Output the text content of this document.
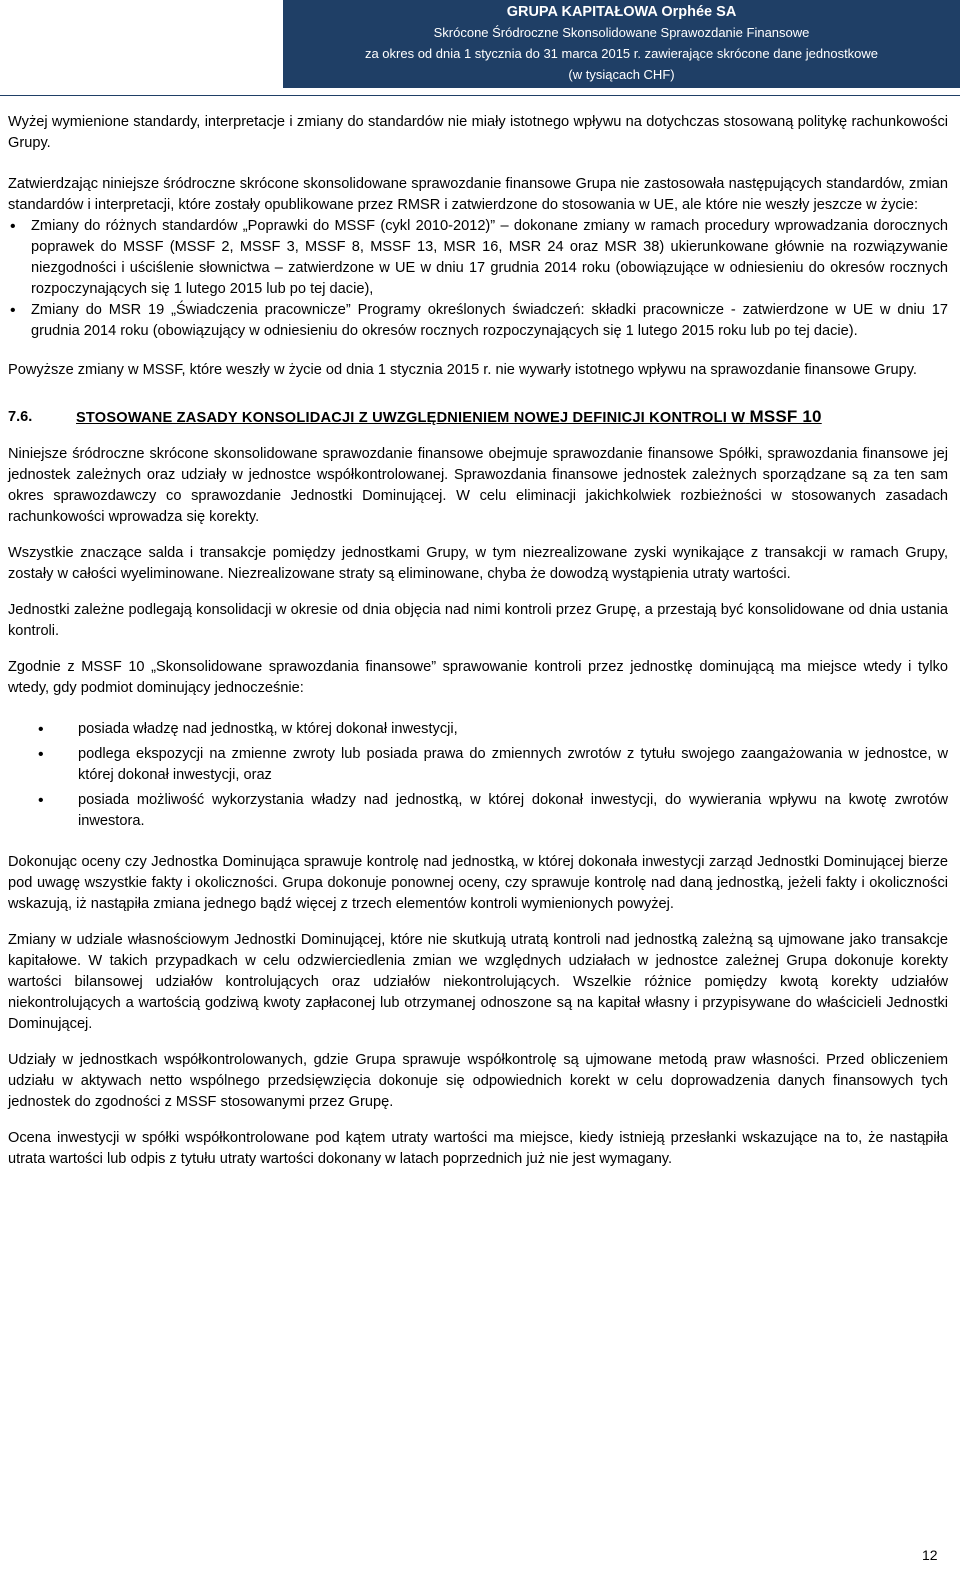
GRUPA KAPITAŁOWA Orphée SA
Skrócone Śródroczne Skonsolidowane Sprawozdanie Finansowe
za okres od dnia 1 stycznia do 31 marca 2015 r. zawierające skrócone dane jednostkowe
(w tysiącach CHF)

Wyżej wymienione standardy, interpretacje i zmiany do standardów nie miały istotnego wpływu na dotychczas stosowaną politykę rachunkowości Grupy.

Zatwierdzając niniejsze śródroczne skrócone skonsolidowane sprawozdanie finansowe Grupa nie zastosowała następujących standardów, zmian standardów i interpretacji, które zostały opublikowane przez RMSR i zatwierdzone do stosowania w UE, ale które nie weszły jeszcze w życie:

• Zmiany do różnych standardów „Poprawki do MSSF (cykl 2010-2012)” – dokonane zmiany w ramach procedury wprowadzania dorocznych poprawek do MSSF (MSSF 2, MSSF 3, MSSF 8, MSSF 13, MSR 16, MSR 24 oraz MSR 38) ukierunkowane głównie na rozwiązywanie niezgodności i uściślenie słownictwa – zatwierdzone w UE w dniu 17 grudnia 2014 roku (obowiązujące w odniesieniu do okresów rocznych rozpoczynających się 1 lutego 2015 lub po tej dacie),
• Zmiany do MSR 19 „Świadczenia pracownicze” Programy określonych świadczeń: składki pracownicze - zatwierdzone w UE w dniu 17 grudnia 2014 roku (obowiązujący w odniesieniu do okresów rocznych rozpoczynających się 1 lutego 2015 roku lub po tej dacie).

Powyższe zmiany w MSSF, które weszły w życie od dnia 1 stycznia 2015 r. nie wywarły istotnego wpływu na sprawozdanie finansowe Grupy.

7.6.	STOSOWANE ZASADY KONSOLIDACJI Z UWZGLĘDNIENIEM NOWEJ DEFINICJI KONTROLI W MSSF 10

Niniejsze śródroczne skrócone skonsolidowane sprawozdanie finansowe obejmuje sprawozdanie finansowe Spółki, sprawozdania finansowe jej jednostek zależnych oraz udziały w jednostce współkontrolowanej. Sprawozdania finansowe jednostek zależnych sporządzane są za ten sam okres sprawozdawczy co sprawozdanie Jednostki Dominującej. W celu eliminacji jakichkolwiek rozbieżności w stosowanych zasadach rachunkowości wprowadza się korekty.

Wszystkie znaczące salda i transakcje pomiędzy jednostkami Grupy, w tym niezrealizowane zyski wynikające z transakcji w ramach Grupy, zostały w całości wyeliminowane. Niezrealizowane straty są eliminowane, chyba że dowodzą wystąpienia utraty wartości.

Jednostki zależne podlegają konsolidacji w okresie od dnia objęcia nad nimi kontroli przez Grupę, a przestają być konsolidowane od dnia ustania kontroli.

Zgodnie z MSSF 10 „Skonsolidowane sprawozdania finansowe” sprawowanie kontroli przez jednostkę dominującą ma miejsce wtedy i tylko wtedy, gdy podmiot dominujący jednocześnie:

• posiada władzę nad jednostką, w której dokonał inwestycji,
• podlega ekspozycji na zmienne zwroty lub posiada prawa do zmiennych zwrotów z tytułu swojego zaangażowania w jednostce, w której dokonał inwestycji, oraz
• posiada możliwość wykorzystania władzy nad jednostką, w której dokonał inwestycji, do wywierania wpływu na kwotę zwrotów inwestora.

Dokonując oceny czy Jednostka Dominująca sprawuje kontrolę nad jednostką, w której dokonała inwestycji zarząd Jednostki Dominującej bierze pod uwagę wszystkie fakty i okoliczności. Grupa dokonuje ponownej oceny, czy sprawuje kontrolę nad daną jednostką, jeżeli fakty i okoliczności wskazują, iż nastąpiła zmiana jednego bądź więcej z trzech elementów kontroli wymienionych powyżej.

Zmiany w udziale własnościowym Jednostki Dominującej, które nie skutkują utratą kontroli nad jednostką zależną są ujmowane jako transakcje kapitałowe. W takich przypadkach w celu odzwierciedlenia zmian we względnych udziałach w jednostce zależnej Grupa dokonuje korekty wartości bilansowej udziałów kontrolujących oraz udziałów niekontrolujących. Wszelkie różnice pomiędzy kwotą korekty udziałów niekontrolujących a wartością godziwą kwoty zapłaconej lub otrzymanej odnoszone są na kapitał własny i przypisywane do właścicieli Jednostki Dominującej.

Udziały w jednostkach współkontrolowanych, gdzie Grupa sprawuje współkontrolę są ujmowane metodą praw własności. Przed obliczeniem udziału w aktywach netto wspólnego przedsięwzięcia dokonuje się odpowiednich korekt w celu doprowadzenia danych finansowych tych jednostek do zgodności z MSSF stosowanymi przez Grupę.

Ocena inwestycji w spółki współkontrolowane pod kątem utraty wartości ma miejsce, kiedy istnieją przesłanki wskazujące na to, że nastąpiła utrata wartości lub odpis z tytułu utraty wartości dokonany w latach poprzednich już nie jest wymagany.

12
